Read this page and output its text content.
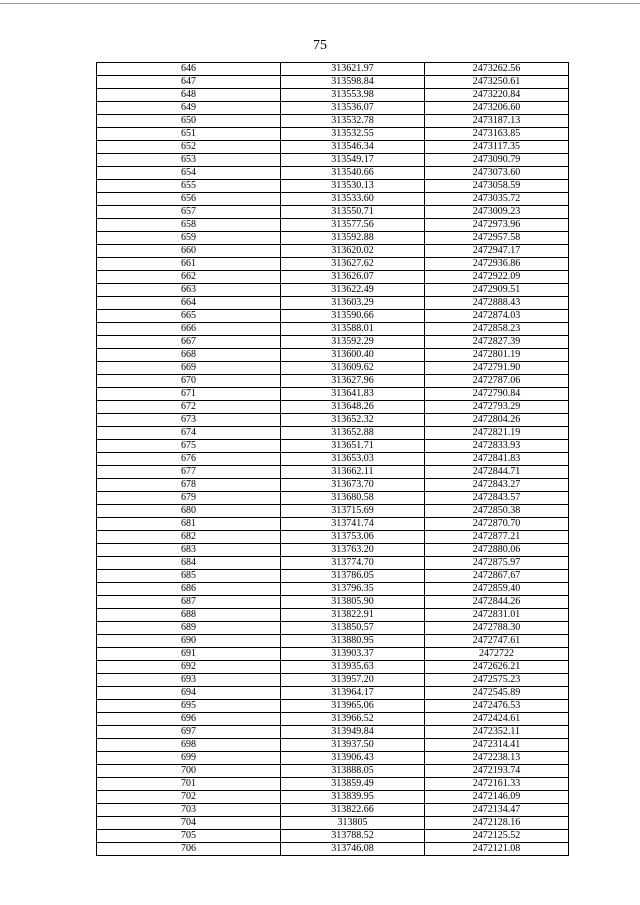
75
646	313621.97	2473262.56
647	313598.84	2473250.61
648	313553.98	2473220.84
649	313536.07	2473206.60
650	313532.78	2473187.13
651	313532.55	2473163.85
652	313546.34	2473117.35
653	313549.17	2473090.79
654	313540.66	2473073.60
655	313530.13	2473058.59
656	313533.60	2473035.72
657	313550.71	2473009.23
658	313577.56	2472973.96
659	313592.88	2472957.58
660	313620.02	2472947.17
661	313627.62	2472936.86
662	313626.07	2472922.09
663	313622.49	2472909.51
664	313603.29	2472888.43
665	313590.66	2472874.03
666	313588.01	2472858.23
667	313592.29	2472827.39
668	313600.40	2472801.19
669	313609.62	2472791.90
670	313627.96	2472787.06
671	313641.83	2472790.84
672	313648.26	2472793.29
673	313652.32	2472804.26
674	313652.88	2472821.19
675	313651.71	2472833.93
676	313653.03	2472841.83
677	313662.11	2472844.71
678	313673.70	2472843.27
679	313680.58	2472843.57
680	313715.69	2472850.38
681	313741.74	2472870.70
682	313753.06	2472877.21
683	313763.20	2472880.06
684	313774.70	2472875.97
685	313786.05	2472867.67
686	313796.35	2472859.40
687	313805.90	2472844.26
688	313822.91	2472831.01
689	313850.57	2472788.30
690	313880.95	2472747.61
691	313903.37	2472722
692	313935.63	2472626.21
693	313957.20	2472575.23
694	313964.17	2472545.89
695	313965.06	2472476.53
696	313966.52	2472424.61
697	313949.84	2472352.11
698	313937.50	2472314.41
699	313906.43	2472238.13
700	313888.05	2472193.74
701	313859.49	2472161.33
702	313839.95	2472146.09
703	313822.66	2472134.47
704	313805	2472128.16
705	313788.52	2472125.52
706	313746.08	2472121.08
